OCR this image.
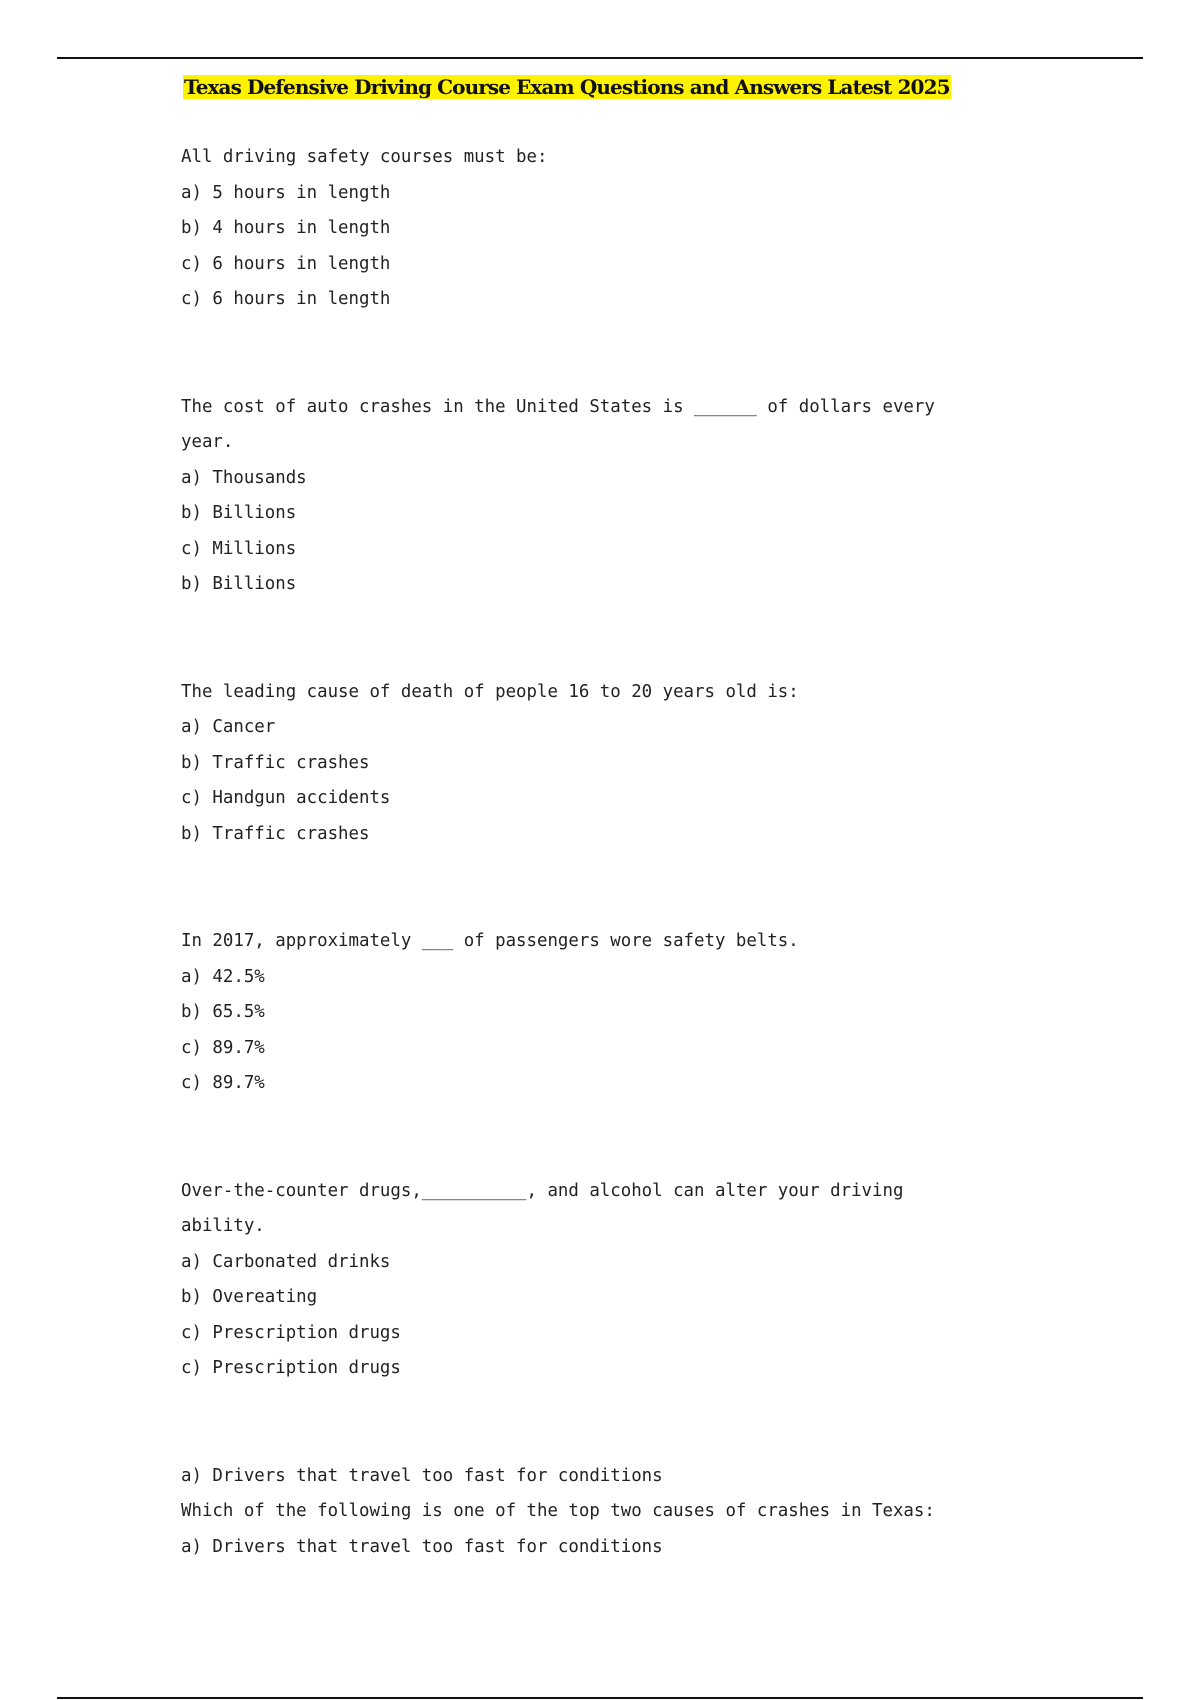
Texas Defensive Driving Course Exam Questions and Answers Latest 2025

All driving safety courses must be:

a) 5 hours in length

b) 4 hours in length

c) 6 hours in length

c) 6 hours in length

The cost of auto crashes in the United States is ______ of dollars every

year.

a) Thousands

b) Billions

c) Millions

b) Billions

The leading cause of death of people 16 to 20 years old is:

a) Cancer

b) Traffic crashes

c) Handgun accidents

b) Traffic crashes

In 2017, approximately ___ of passengers wore safety belts.

a) 42.5%

b) 65.5%

c) 89.7%

c) 89.7%

Over-the-counter drugs,__________, and alcohol can alter your driving

ability.

a) Carbonated drinks

b) Overeating

c) Prescription drugs

c) Prescription drugs

a) Drivers that travel too fast for conditions

Which of the following is one of the top two causes of crashes in Texas:

a) Drivers that travel too fast for conditions
